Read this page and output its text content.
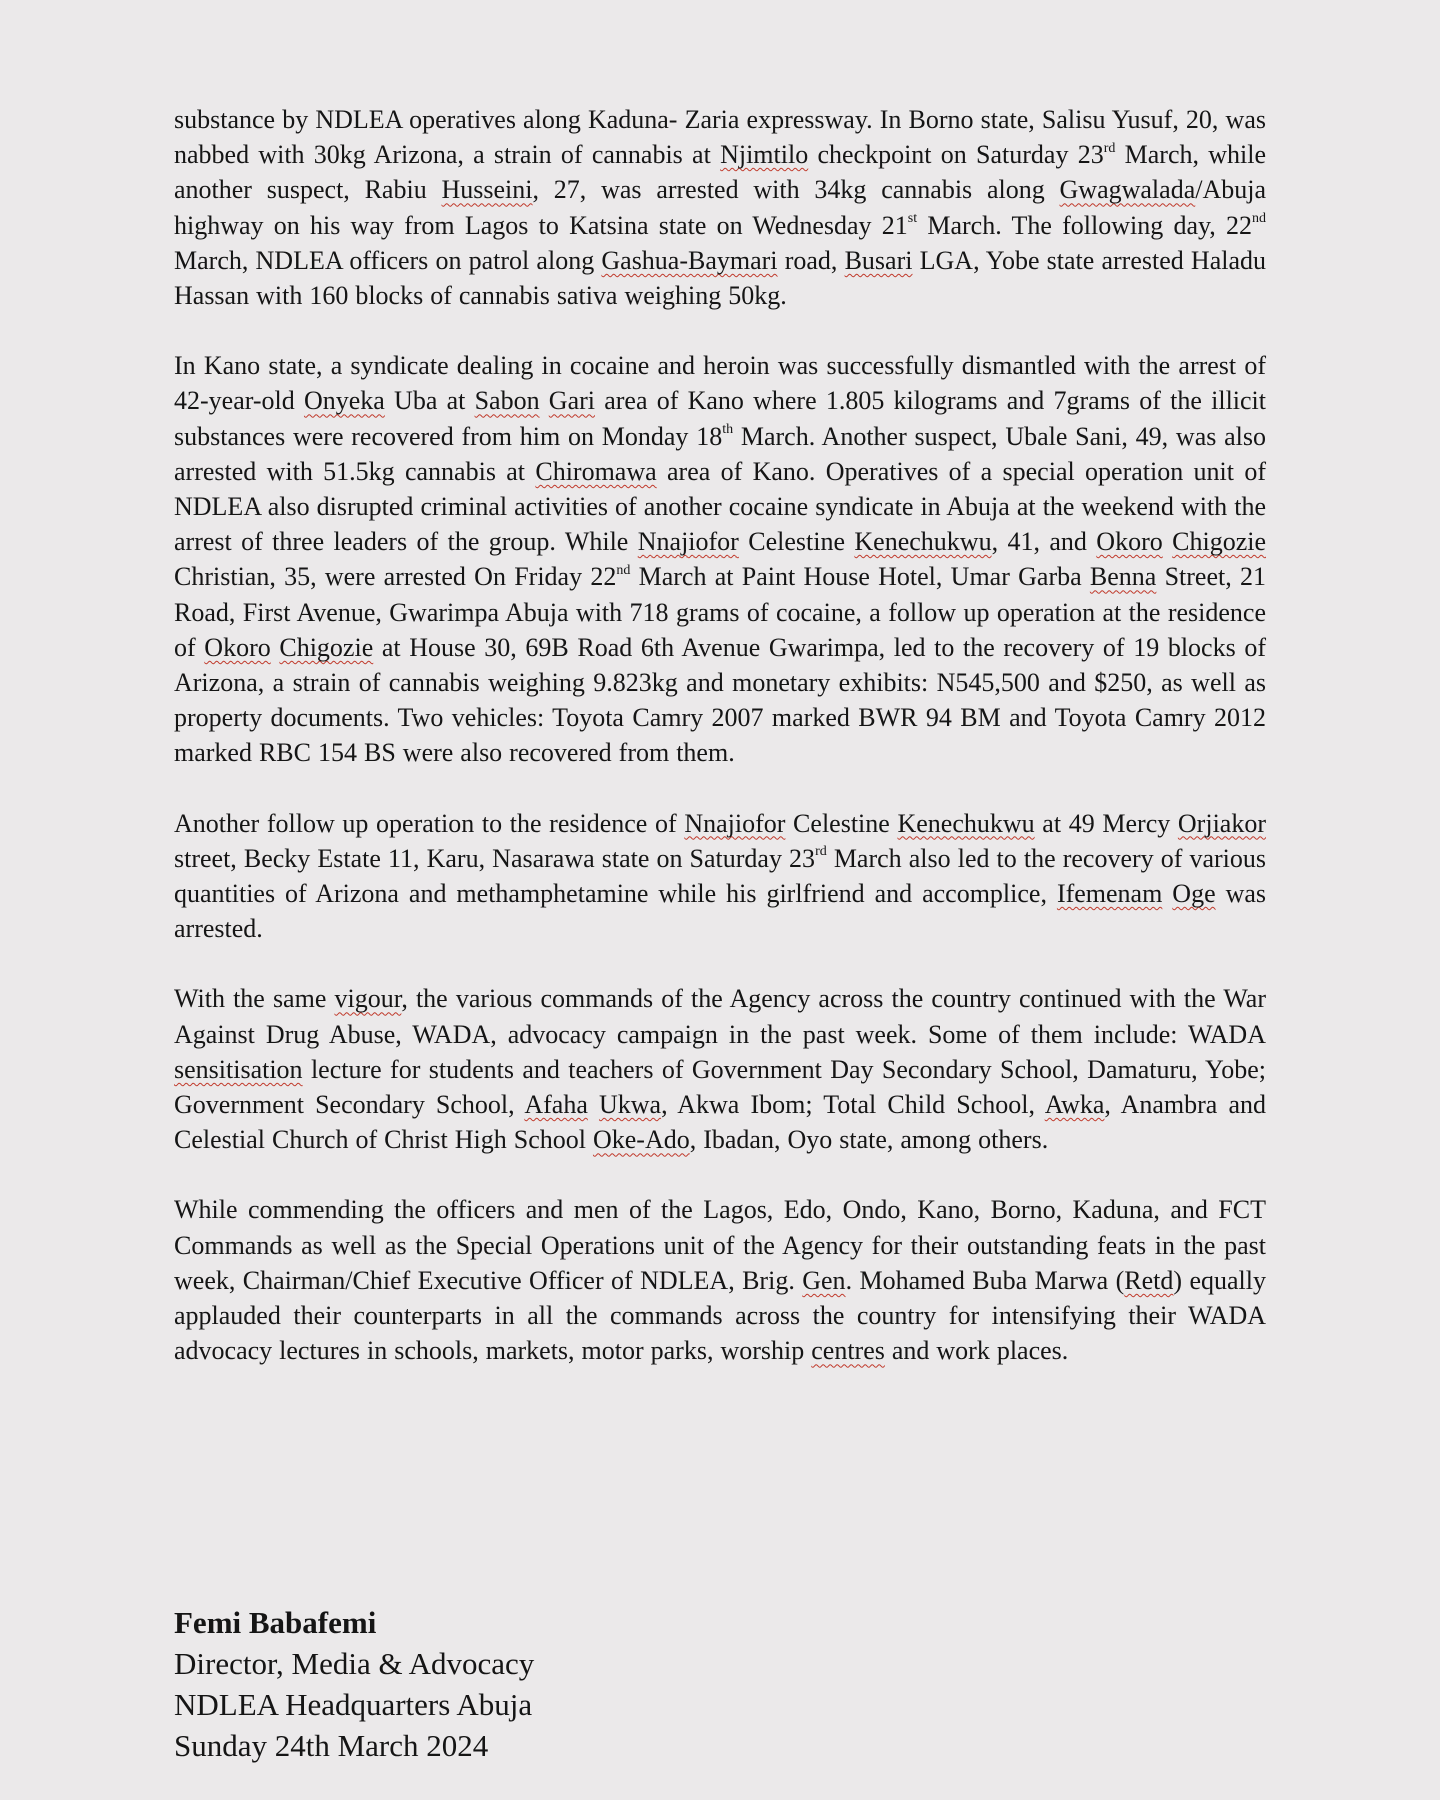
substance by NDLEA operatives along Kaduna- Zaria expressway. In Borno state, Salisu Yusuf, 20, was nabbed with 30kg Arizona, a strain of cannabis at Njimtilo checkpoint on Saturday 23rd March, while another suspect, Rabiu Husseini, 27, was arrested with 34kg cannabis along Gwagwalada/Abuja highway on his way from Lagos to Katsina state on Wednesday 21st March. The following day, 22nd March, NDLEA officers on patrol along Gashua-Baymari road, Busari LGA, Yobe state arrested Haladu Hassan with 160 blocks of cannabis sativa weighing 50kg.

In Kano state, a syndicate dealing in cocaine and heroin was successfully dismantled with the arrest of 42-year-old Onyeka Uba at Sabon Gari area of Kano where 1.805 kilograms and 7grams of the illicit substances were recovered from him on Monday 18th March. Another suspect, Ubale Sani, 49, was also arrested with 51.5kg cannabis at Chiromawa area of Kano. Operatives of a special operation unit of NDLEA also disrupted criminal activities of another cocaine syndicate in Abuja at the weekend with the arrest of three leaders of the group. While Nnajiofor Celestine Kenechukwu, 41, and Okoro Chigozie Christian, 35, were arrested On Friday 22nd March at Paint House Hotel, Umar Garba Benna Street, 21 Road, First Avenue, Gwarimpa Abuja with 718 grams of cocaine, a follow up operation at the residence of Okoro Chigozie at House 30, 69B Road 6th Avenue Gwarimpa, led to the recovery of 19 blocks of Arizona, a strain of cannabis weighing 9.823kg and monetary exhibits: N545,500 and $250, as well as property documents. Two vehicles: Toyota Camry 2007 marked BWR 94 BM and Toyota Camry 2012 marked RBC 154 BS were also recovered from them.

Another follow up operation to the residence of Nnajiofor Celestine Kenechukwu at 49 Mercy Orjiakor street, Becky Estate 11, Karu, Nasarawa state on Saturday 23rd March also led to the recovery of various quantities of Arizona and methamphetamine while his girlfriend and accomplice, Ifemenam Oge was arrested.

With the same vigour, the various commands of the Agency across the country continued with the War Against Drug Abuse, WADA, advocacy campaign in the past week. Some of them include: WADA sensitisation lecture for students and teachers of Government Day Secondary School, Damaturu, Yobe; Government Secondary School, Afaha Ukwa, Akwa Ibom; Total Child School, Awka, Anambra and Celestial Church of Christ High School Oke-Ado, Ibadan, Oyo state, among others.

While commending the officers and men of the Lagos, Edo, Ondo, Kano, Borno, Kaduna, and FCT Commands as well as the Special Operations unit of the Agency for their outstanding feats in the past week, Chairman/Chief Executive Officer of NDLEA, Brig. Gen. Mohamed Buba Marwa (Retd) equally applauded their counterparts in all the commands across the country for intensifying their WADA advocacy lectures in schools, markets, motor parks, worship centres and work places.

Femi Babafemi
Director, Media & Advocacy
NDLEA Headquarters Abuja
Sunday 24th March 2024
